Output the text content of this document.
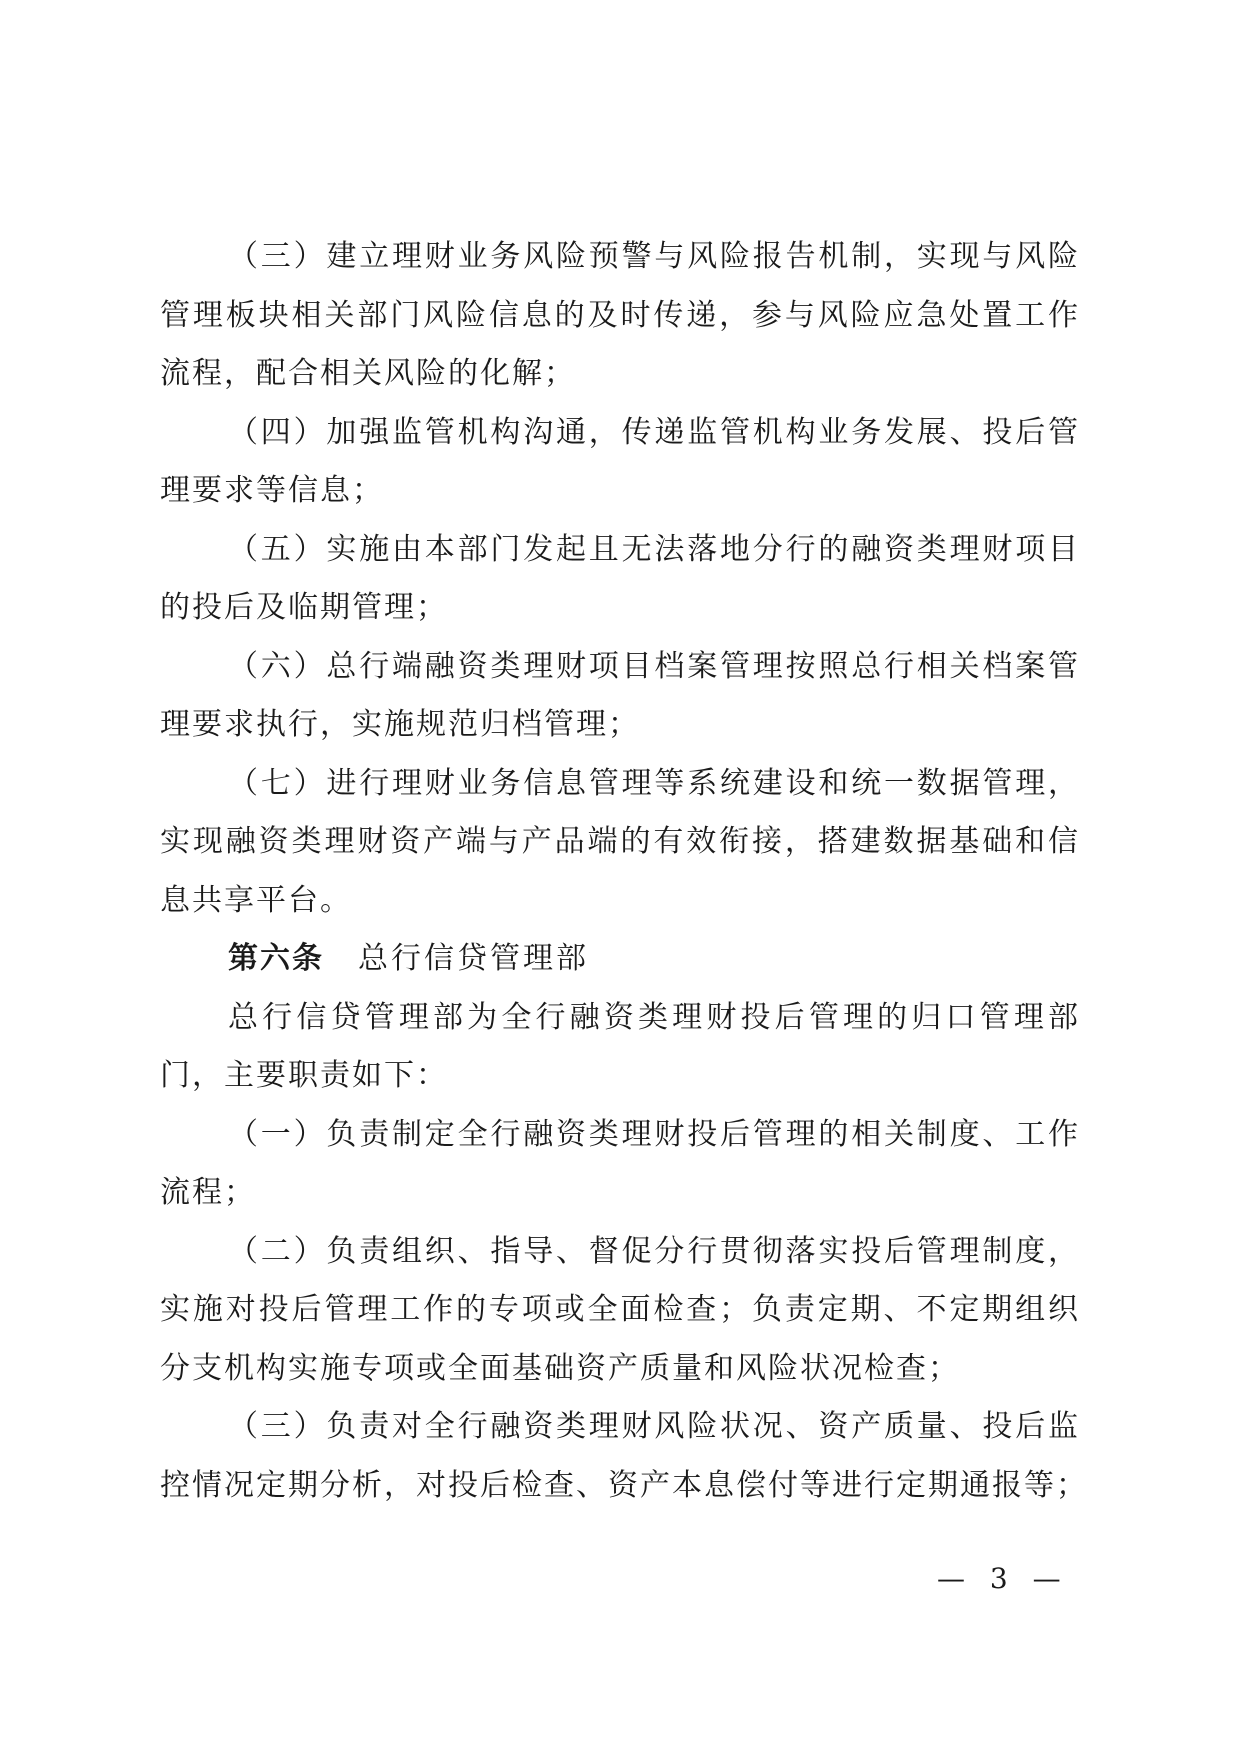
（三）建立理财业务风险预警与风险报告机制，实现与风险
管理板块相关部门风险信息的及时传递，参与风险应急处置工作
流程，配合相关风险的化解；
（四）加强监管机构沟通，传递监管机构业务发展、投后管
理要求等信息；
（五）实施由本部门发起且无法落地分行的融资类理财项目
的投后及临期管理；
（六）总行端融资类理财项目档案管理按照总行相关档案管
理要求执行，实施规范归档管理；
（七）进行理财业务信息管理等系统建设和统一数据管理，
实现融资类理财资产端与产品端的有效衔接，搭建数据基础和信
息共享平台。
第六条 总行信贷管理部
总行信贷管理部为全行融资类理财投后管理的归口管理部
门，主要职责如下：
（一）负责制定全行融资类理财投后管理的相关制度、工作
流程；
（二）负责组织、指导、督促分行贯彻落实投后管理制度，
实施对投后管理工作的专项或全面检查；负责定期、不定期组织
分支机构实施专项或全面基础资产质量和风险状况检查；
（三）负责对全行融资类理财风险状况、资产质量、投后监
控情况定期分析，对投后检查、资产本息偿付等进行定期通报等；
— 3 —
